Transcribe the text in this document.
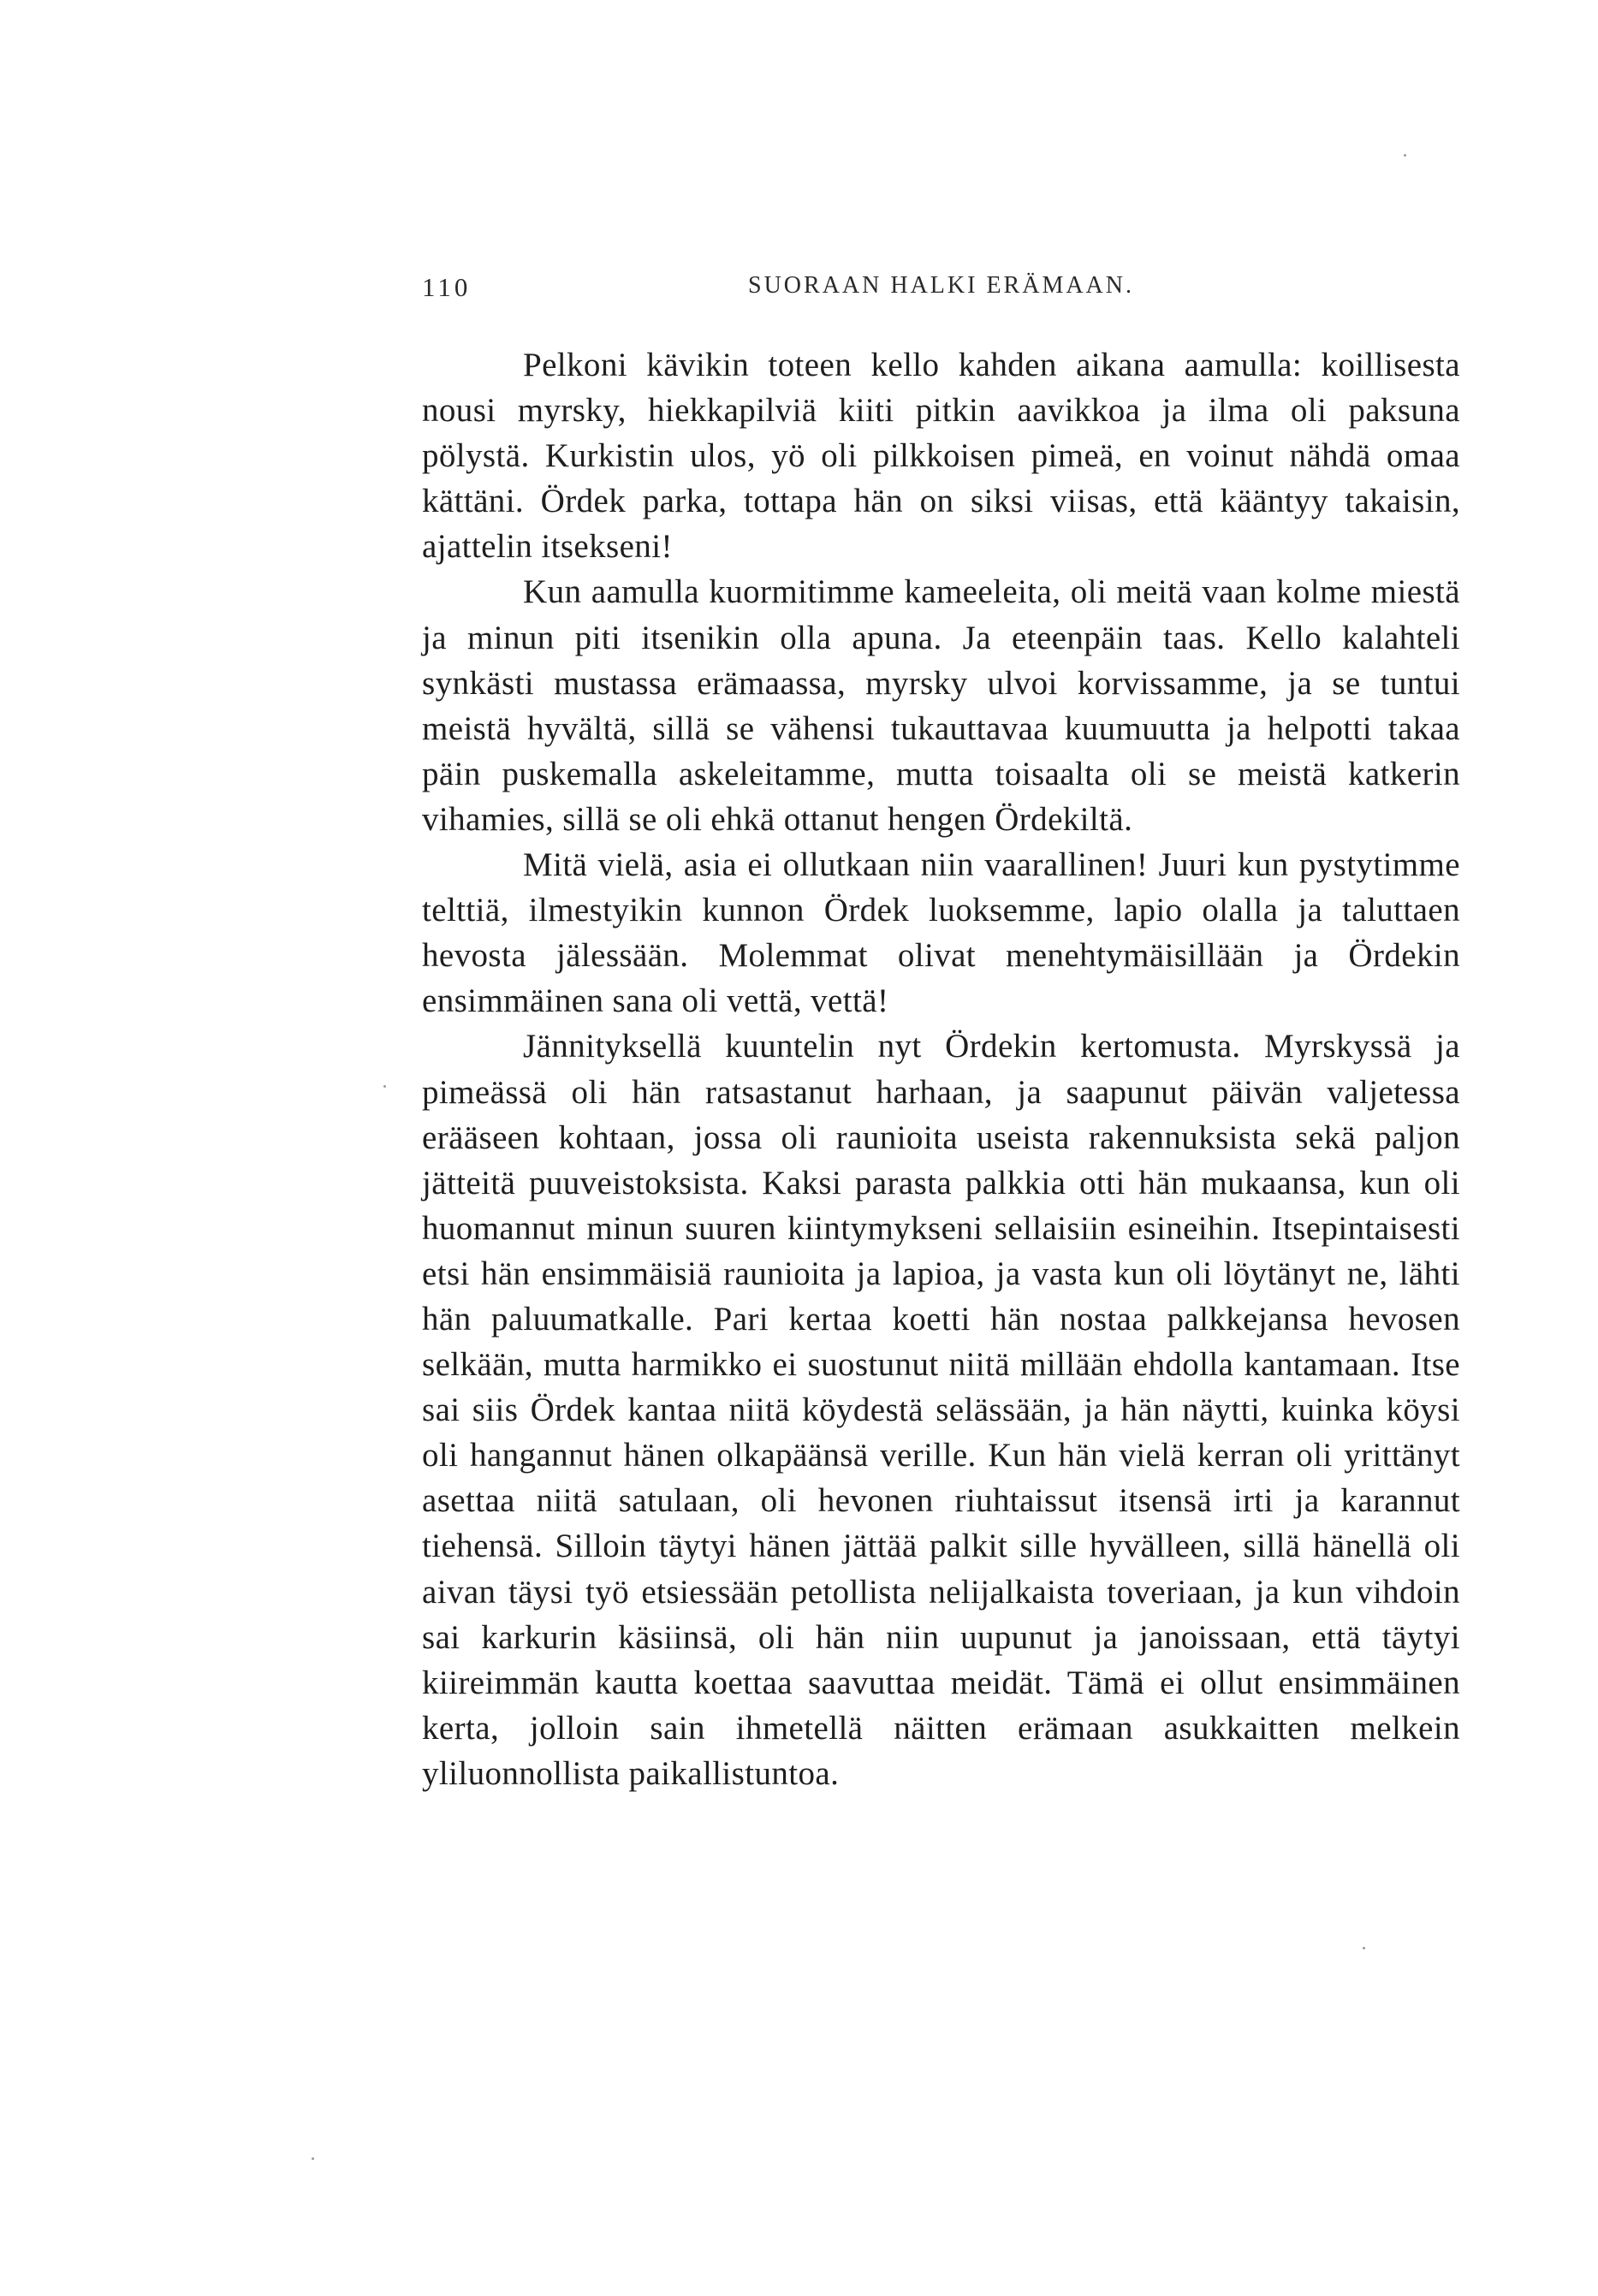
110	SUORAAN HALKI ERÄMAAN.

Pelkoni kävikin toteen kello kahden aikana aamulla: koillisesta nousi myrsky, hiekkapilviä kiiti pitkin aavikkoa ja ilma oli paksuna pölystä. Kurkistin ulos, yö oli pilkkoisen pimeä, en voinut nähdä omaa kättäni. Ördek parka, tottapa hän on siksi viisas, että kääntyy takaisin, ajattelin itsekseni!

Kun aamulla kuormitimme kameeleita, oli meitä vaan kolme miestä ja minun piti itsenikin olla apuna. Ja eteenpäin taas. Kello kalahteli synkästi mustassa erämaassa, myrsky ulvoi korvissamme, ja se tuntui meistä hyvältä, sillä se vähensi tukauttavaa kuumuutta ja helpotti takaa päin puskemalla askeleitamme, mutta toisaalta oli se meistä katkerin vihamies, sillä se oli ehkä ottanut hengen Ördekiltä.

Mitä vielä, asia ei ollutkaan niin vaarallinen! Juuri kun pystytimme telttiä, ilmestyikin kunnon Ördek luoksemme, lapio olalla ja taluttaen hevosta jälessään. Molemmat olivat menehtymäisillään ja Ördekin ensimmäinen sana oli vettä, vettä!

Jännityksellä kuuntelin nyt Ördekin kertomusta. Myrskyssä ja pimeässä oli hän ratsastanut harhaan, ja saapunut päivän valjetessa erääseen kohtaan, jossa oli raunioita useista rakennuksista sekä paljon jätteitä puuveistoksista. Kaksi parasta palkkia otti hän mukaansa, kun oli huomannut minun suuren kiintymykseni sellaisiin esineihin. Itsepintaisesti etsi hän ensimmäisiä raunioita ja lapioa, ja vasta kun oli löytänyt ne, lähti hän paluumatkalle. Pari kertaa koetti hän nostaa palkkejansa hevosen selkään, mutta harmikko ei suostunut niitä millään ehdolla kantamaan. Itse sai siis Ördek kantaa niitä köydestä selässään, ja hän näytti, kuinka köysi oli hangannut hänen olkapäänsä verille. Kun hän vielä kerran oli yrittänyt asettaa niitä satulaan, oli hevonen riuhtaissut itsensä irti ja karannut tiehensä. Silloin täytyi hänen jättää palkit sille hyvälleen, sillä hänellä oli aivan täysi työ etsiessään petollista nelijalkaista toveriaan, ja kun vihdoin sai karkurin käsiinsä, oli hän niin uupunut ja janoissaan, että täytyi kiireimmän kautta koettaa saavuttaa meidät. Tämä ei ollut ensimmäinen kerta, jolloin sain ihmetellä näitten erämaan asukkaitten melkein yliluonnollista paikallistuntoa.
